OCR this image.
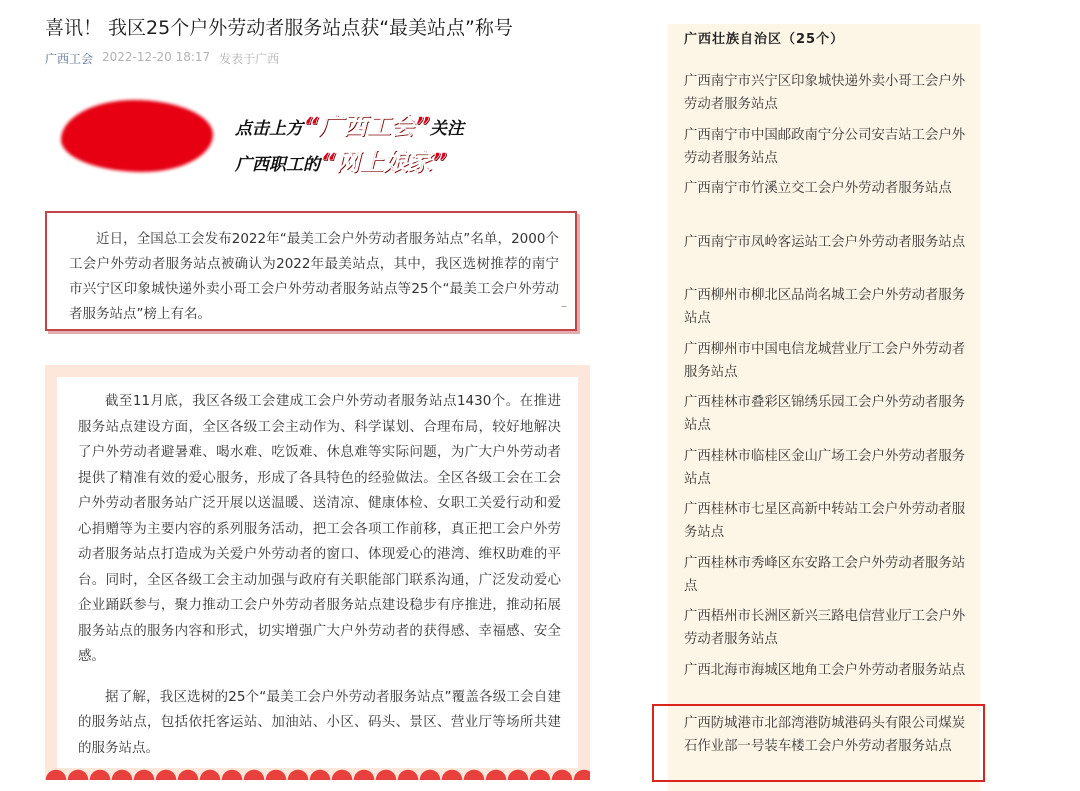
喜讯！ 我区25个户外劳动者服务站点获“最美站点”称号
广西工会 2022-12-20 18:17 发表于广西
点击上方“广西工会”关注
广西职工的“网上娘家”

近日，全国总工会发布2022年“最美工会户外劳动者服务站点”名单，2000个工会户外劳动者服务站点被确认为2022年最美站点，其中，我区选树推荐的南宁市兴宁区印象城快递外卖小哥工会户外劳动者服务站点等25个“最美工会户外劳动者服务站点”榜上有名。	–

截至11月底，我区各级工会建成工会户外劳动者服务站点1430个。在推进服务站点建设方面，全区各级工会主动作为、科学谋划、合理布局，较好地解决了户外劳动者避暑难、喝水难、吃饭难、休息难等实际问题，为广大户外劳动者提供了精准有效的爱心服务，形成了各具特色的经验做法。全区各级工会在工会户外劳动者服务站广泛开展以送温暖、送清凉、健康体检、女职工关爱行动和爱心捐赠等为主要内容的系列服务活动，把工会各项工作前移，真正把工会户外劳动者服务站点打造成为关爱户外劳动者的窗口、体现爱心的港湾、维权助难的平台。同时，全区各级工会主动加强与政府有关职能部门联系沟通，广泛发动爱心企业踊跃参与，聚力推动工会户外劳动者服务站点建设稳步有序推进，推动拓展服务站点的服务内容和形式，切实增强广大户外劳动者的获得感、幸福感、安全感。

据了解，我区选树的25个“最美工会户外劳动者服务站点”覆盖各级工会自建的服务站点，包括依托客运站、加油站、小区、码头、景区、营业厅等场所共建的服务站点。

广西壮族自治区（25个）
广西南宁市兴宁区印象城快递外卖小哥工会户外劳动者服务站点
广西南宁市中国邮政南宁分公司安吉站工会户外劳动者服务站点
广西南宁市竹溪立交工会户外劳动者服务站点
广西南宁市凤岭客运站工会户外劳动者服务站点
广西柳州市柳北区品尚名城工会户外劳动者服务站点
广西柳州市中国电信龙城营业厅工会户外劳动者服务站点
广西桂林市叠彩区锦绣乐园工会户外劳动者服务站点
广西桂林市临桂区金山广场工会户外劳动者服务站点
广西桂林市七星区高新中转站工会户外劳动者服务站点
广西桂林市秀峰区东安路工会户外劳动者服务站点
广西梧州市长洲区新兴三路电信营业厅工会户外劳动者服务站点
广西北海市海城区地角工会户外劳动者服务站点
广西防城港市北部湾港防城港码头有限公司煤炭石作业部一号装车楼工会户外劳动者服务站点
